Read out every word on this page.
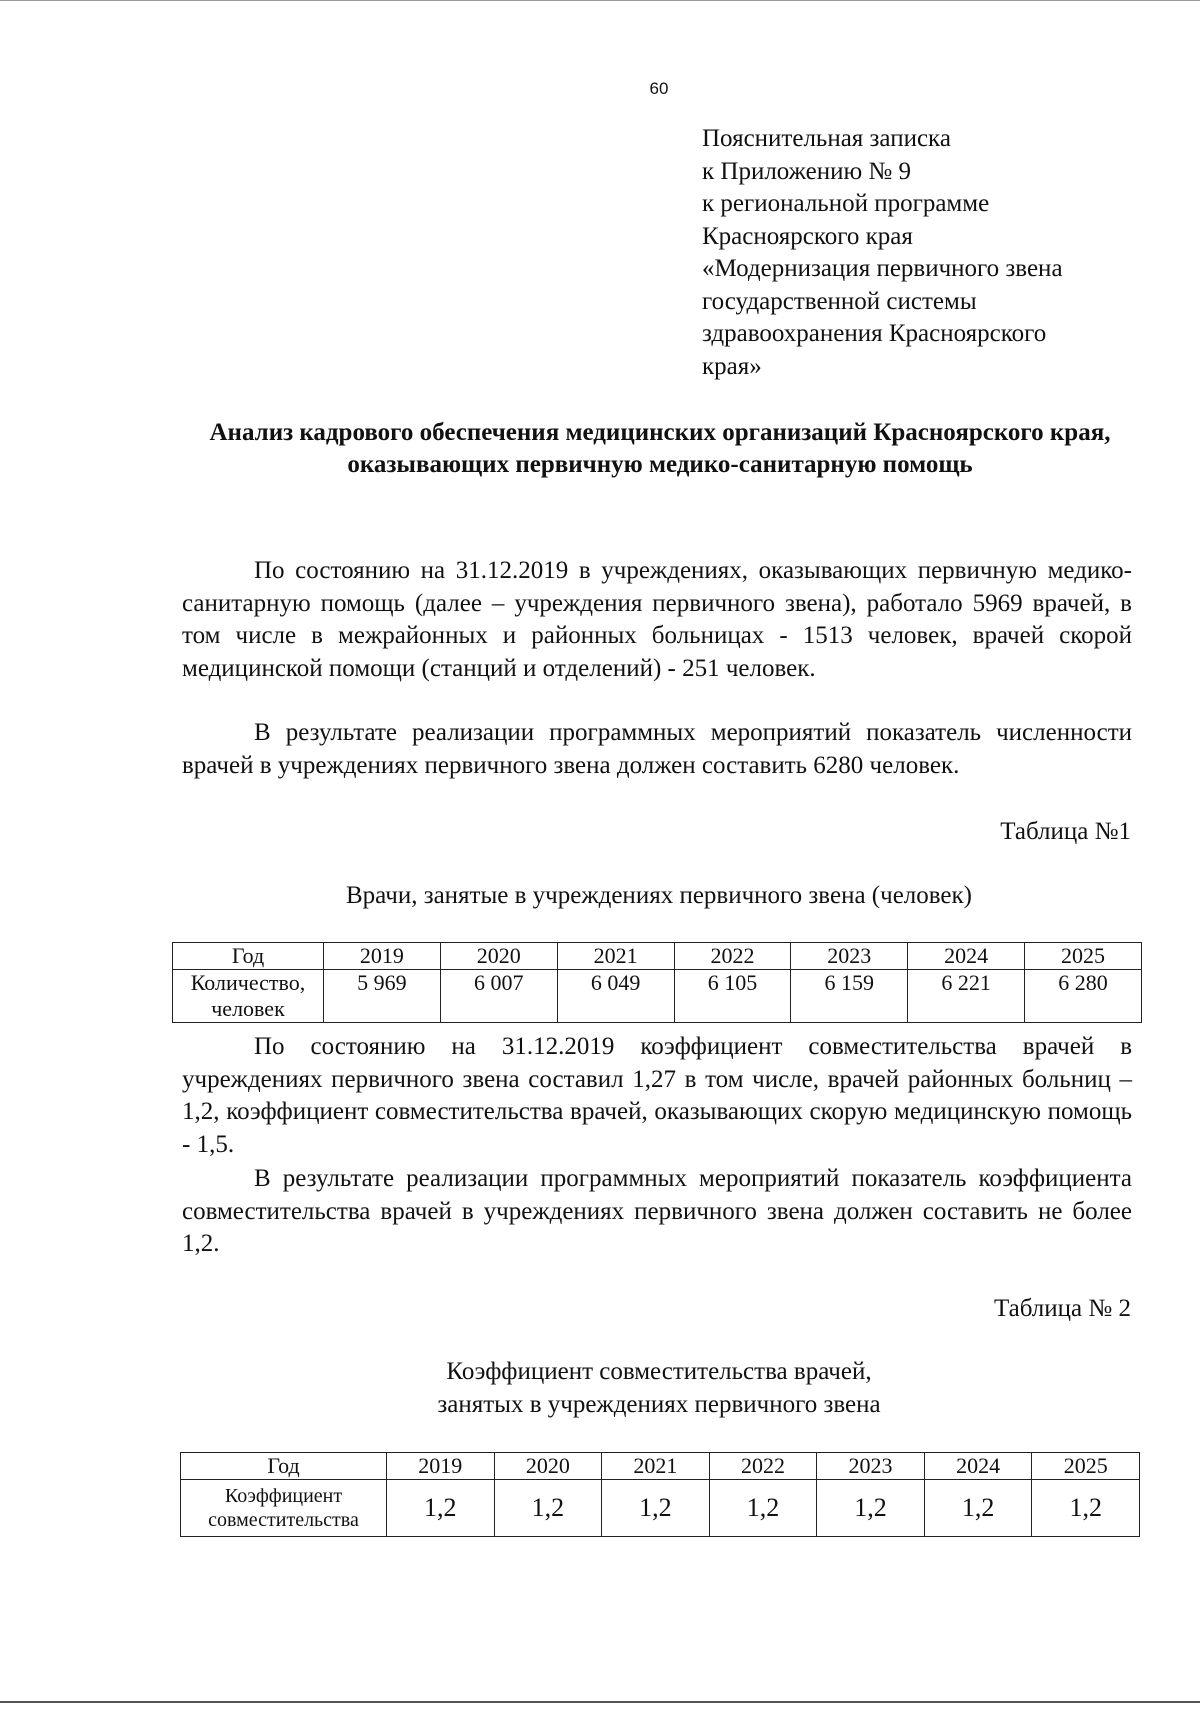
60
Пояснительная записка
к Приложению № 9
к региональной программе
Красноярского края
«Модернизация первичного звена
государственной системы
здравоохранения Красноярского
края»
Анализ кадрового обеспечения медицинских организаций Красноярского края, оказывающих первичную медико-санитарную помощь

По состоянию на 31.12.2019 в учреждениях, оказывающих первичную медико-санитарную помощь (далее – учреждения первичного звена), работало 5969 врачей, в том числе в межрайонных и районных больницах - 1513 человек, врачей скорой медицинской помощи (станций и отделений) - 251 человек.

В результате реализации программных мероприятий показатель численности врачей в учреждениях первичного звена должен составить 6280 человек.

Таблица №1
Врачи, занятые в учреждениях первичного звена (человек)
Год	2019	2020	2021	2022	2023	2024	2025
Количество, человек	5 969	6 007	6 049	6 105	6 159	6 221	6 280

По состоянию на 31.12.2019 коэффициент совместительства врачей в учреждениях первичного звена составил 1,27 в том числе, врачей районных больниц – 1,2, коэффициент совместительства врачей, оказывающих скорую медицинскую помощь - 1,5.

В результате реализации программных мероприятий показатель коэффициента совместительства врачей в учреждениях первичного звена должен составить не более 1,2.

Таблица № 2
Коэффициент совместительства врачей,
занятых в учреждениях первичного звена
Год	2019	2020	2021	2022	2023	2024	2025
Коэффициент совместительства	1,2	1,2	1,2	1,2	1,2	1,2	1,2
